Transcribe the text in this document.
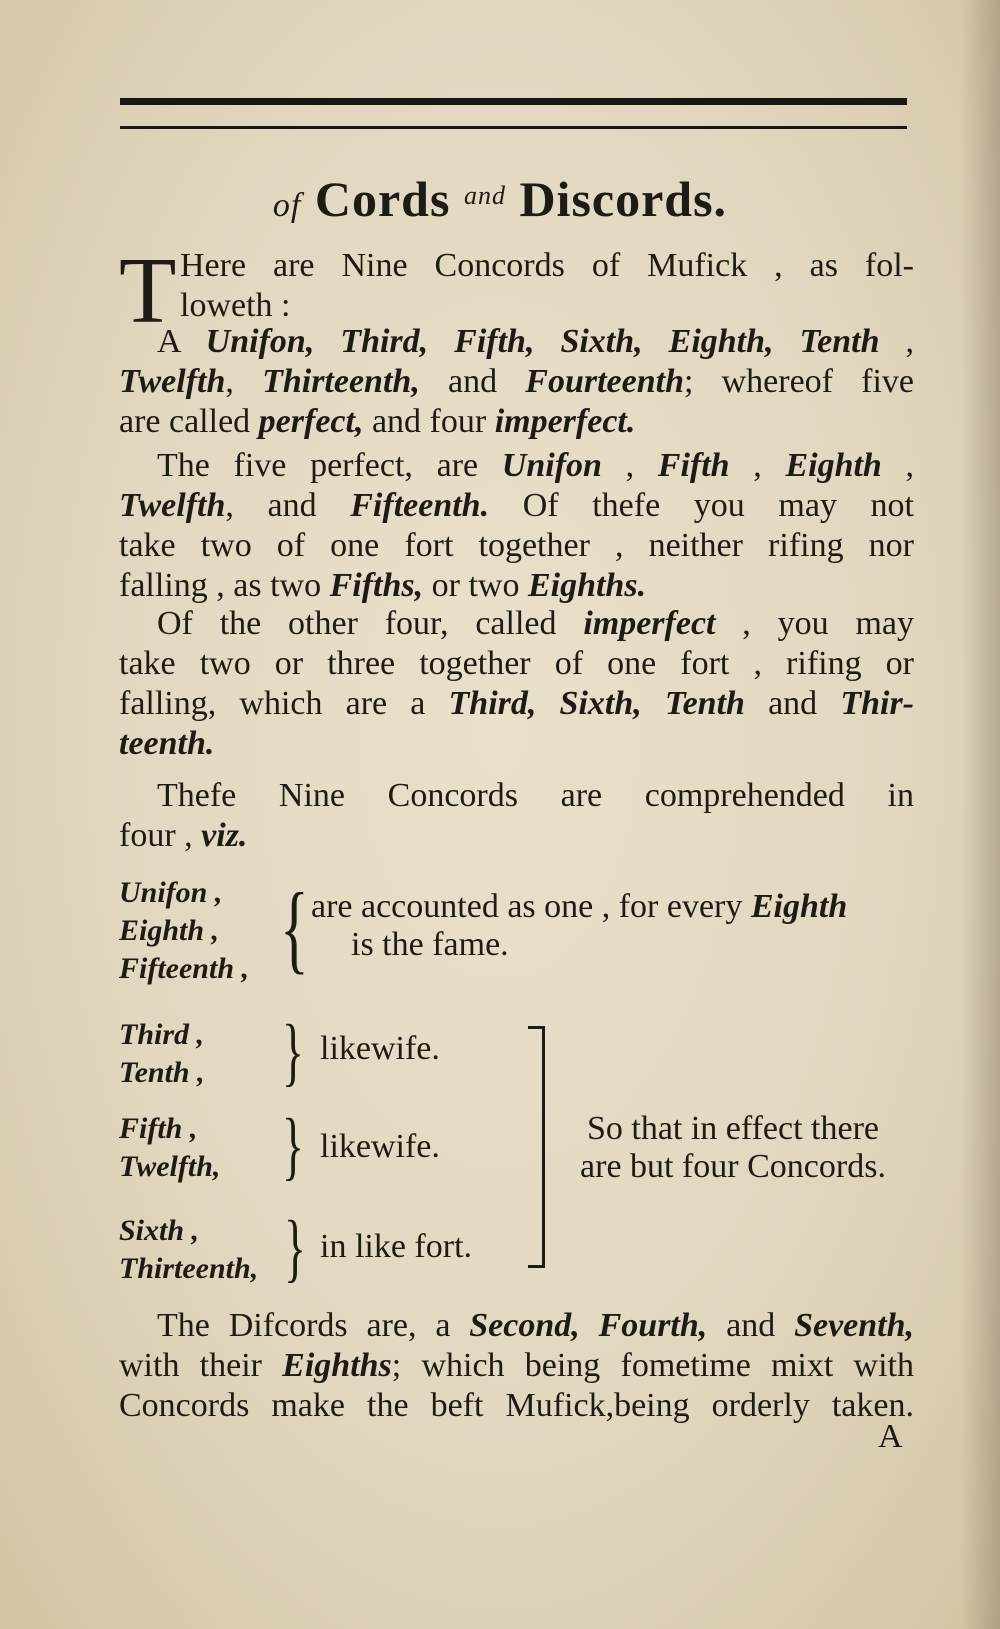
of Cords $^{and}$ Discords.
T Here are Nine Concords of Mufick , as fol-
loweth :
A Unifon, Third, Fifth, Sixth, Eighth, Tenth ,
Twelfth, Thirteenth, and Fourteenth; whereof five
are called perfect, and four imperfect.
The five perfect, are Unifon , Fifth , Eighth ,
Twelfth, and Fifteenth. Of thefe you may not
take two of one fort together , neither rifing nor
falling , as two Fifths, or two Eighths.
Of the other four, called imperfect , you may
take two or three together of one fort , rifing or
falling, which are a Third, Sixth, Tenth and Thir-
teenth.
Thefe Nine Concords are comprehended in
four , viz.
Unifon ,
Eighth ,
Fifteenth , { are accounted as one , for every Eighth
is the fame.
Third ,
Tenth , } likewife.
Fifth ,
Twelfth, } likewife.
Sixth ,
Thirteenth, } in like fort.
So that in effect there
are but four Concords.
The Difcords are, a Second, Fourth, and Seventh,
with their Eighths; which being fometime mixt with
Concords make the beft Mufick,being orderly taken.
A
